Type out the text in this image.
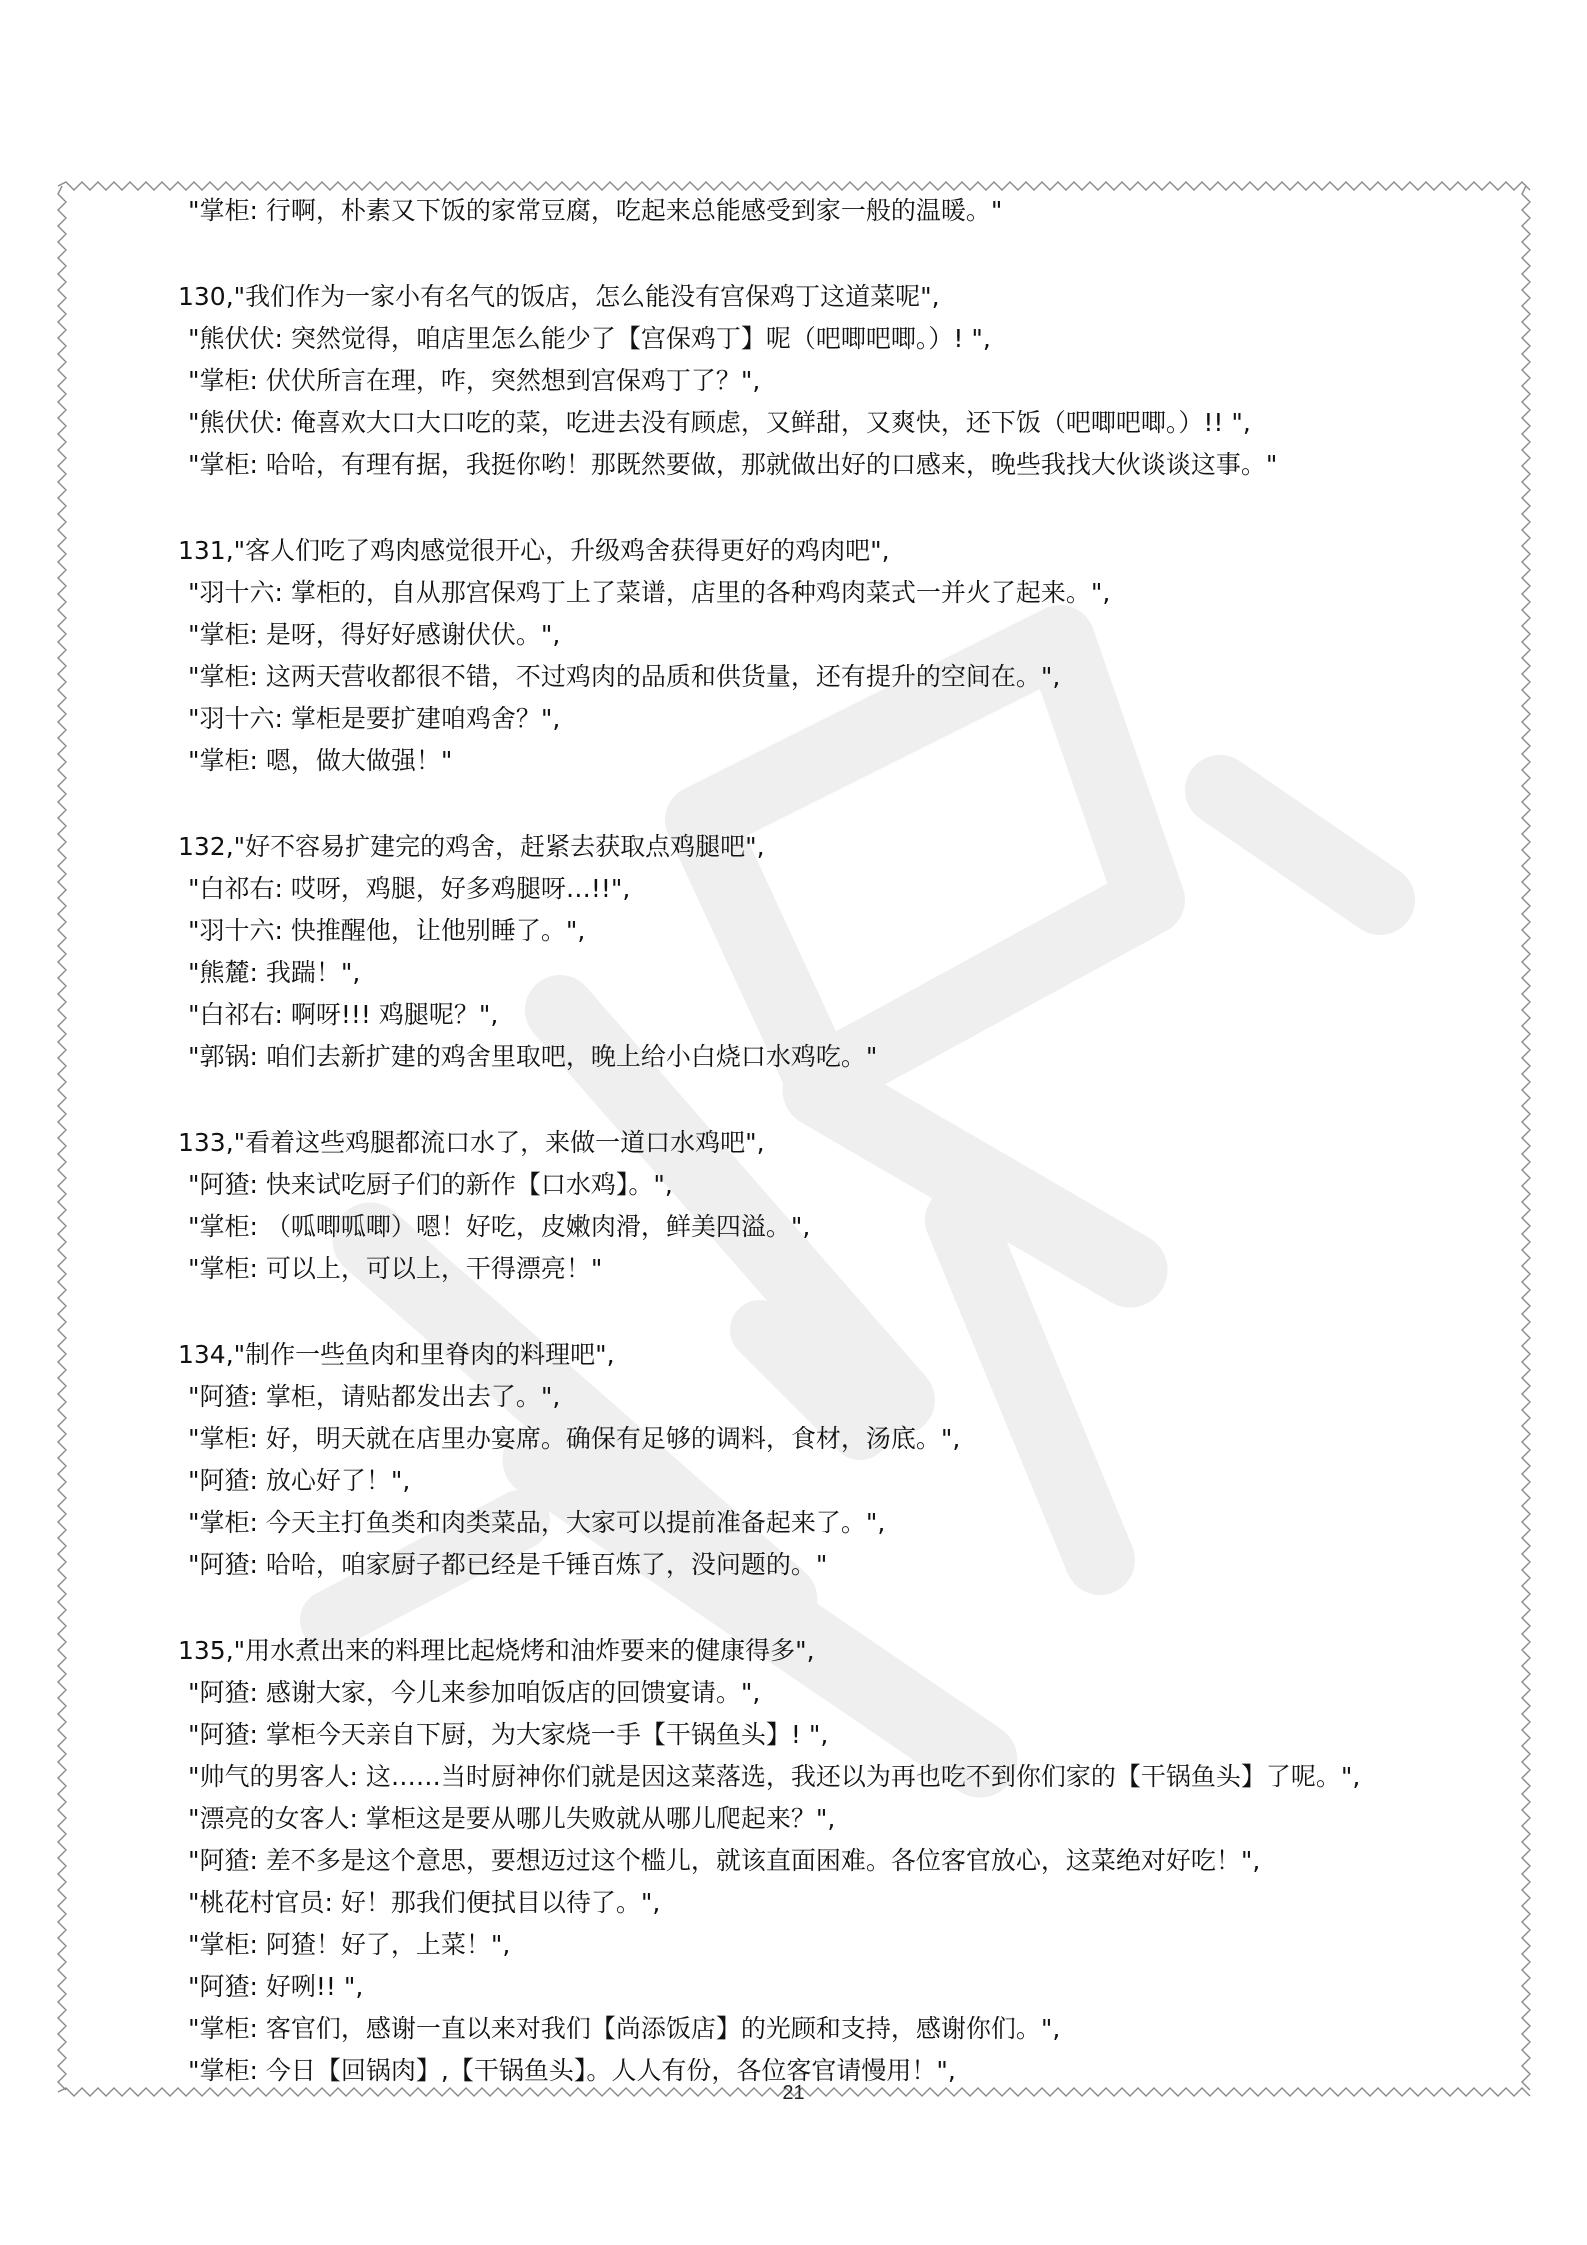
"掌柜: 行啊，朴素又下饭的家常豆腐，吃起来总能感受到家一般的温暖。"
130,"我们作为一家小有名气的饭店，怎么能没有宫保鸡丁这道菜呢",
"熊伏伏: 突然觉得，咱店里怎么能少了【宫保鸡丁】呢（吧唧吧唧。）! ",
"掌柜: 伏伏所言在理，咋，突然想到宫保鸡丁了？",
"熊伏伏: 俺喜欢大口大口吃的菜，吃进去没有顾虑，又鲜甜，又爽快，还下饭（吧唧吧唧。）!! ",
"掌柜: 哈哈，有理有据，我挺你哟！那既然要做，那就做出好的口感来，晚些我找大伙谈谈这事。"
131,"客人们吃了鸡肉感觉很开心，升级鸡舍获得更好的鸡肉吧",
"羽十六: 掌柜的，自从那宫保鸡丁上了菜谱，店里的各种鸡肉菜式一并火了起来。",
"掌柜: 是呀，得好好感谢伏伏。",
"掌柜: 这两天营收都很不错，不过鸡肉的品质和供货量，还有提升的空间在。",
"羽十六: 掌柜是要扩建咱鸡舍？",
"掌柜: 嗯，做大做强！"
132,"好不容易扩建完的鸡舍，赶紧去获取点鸡腿吧",
"白祁右: 哎呀，鸡腿，好多鸡腿呀…!!",
"羽十六: 快推醒他，让他别睡了。",
"熊麓: 我踹！",
"白祁右: 啊呀!!! 鸡腿呢？",
"郭锅: 咱们去新扩建的鸡舍里取吧，晚上给小白烧口水鸡吃。"
133,"看着这些鸡腿都流口水了，来做一道口水鸡吧",
"阿猹: 快来试吃厨子们的新作【口水鸡】。",
"掌柜: （呱唧呱唧）嗯！好吃，皮嫩肉滑，鲜美四溢。",
"掌柜: 可以上，可以上，干得漂亮！"
134,"制作一些鱼肉和里脊肉的料理吧",
"阿猹: 掌柜，请贴都发出去了。",
"掌柜: 好，明天就在店里办宴席。确保有足够的调料，食材，汤底。",
"阿猹: 放心好了！",
"掌柜: 今天主打鱼类和肉类菜品，大家可以提前准备起来了。",
"阿猹: 哈哈，咱家厨子都已经是千锤百炼了，没问题的。"
135,"用水煮出来的料理比起烧烤和油炸要来的健康得多",
"阿猹: 感谢大家，今儿来参加咱饭店的回馈宴请。",
"阿猹: 掌柜今天亲自下厨，为大家烧一手【干锅鱼头】! ",
"帅气的男客人: 这……当时厨神你们就是因这菜落选，我还以为再也吃不到你们家的【干锅鱼头】了呢。",
"漂亮的女客人: 掌柜这是要从哪儿失败就从哪儿爬起来？",
"阿猹: 差不多是这个意思，要想迈过这个槛儿，就该直面困难。各位客官放心，这菜绝对好吃！",
"桃花村官员: 好！那我们便拭目以待了。",
"掌柜: 阿猹！好了，上菜！",
"阿猹: 好咧!! ",
"掌柜: 客官们，感谢一直以来对我们【尚添饭店】的光顾和支持，感谢你们。",
"掌柜: 今日【回锅肉】,【干锅鱼头】。人人有份，各位客官请慢用！",
21
